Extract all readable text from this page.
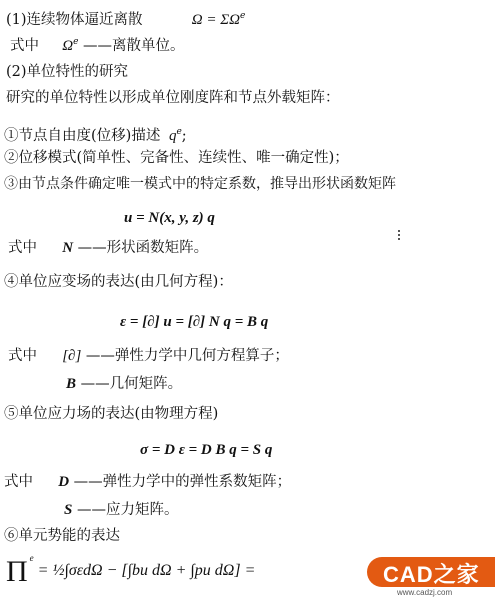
(1)连续物体逼近离散	$\Omega = \Sigma\Omega^e$
式中 $\Omega^e$ ——离散单位。
(2)单位特性的研究
研究的单位特性以形成单位刚度阵和节点外载矩阵：
①节点自由度(位移)描述 $q^e$;
②位移模式(简单性、完备性、连续性、唯一确定性)；
③由节点条件确定唯一模式中的特定系数，推导出形状函数矩阵
u = N(x, y, z) q
式中 N ——形状函数矩阵。
④单位应变场的表达(由几何方程)：
ε = [∂] u = [∂] N q = B q
式中 [∂] ——弹性力学中几何方程算子；
B ——几何矩阵。
⑤单位应力场的表达(由物理方程)
σ = D ε = D B q = S q
式中 D ——弹性力学中的弹性系数矩阵；
S ——应力矩阵。
⑥单元势能的表达
Π $^e$ = ½∫σεdΩ − [∫bu dΩ + ∫pu dΩ] =	CAD之家
www.cadzj.com
